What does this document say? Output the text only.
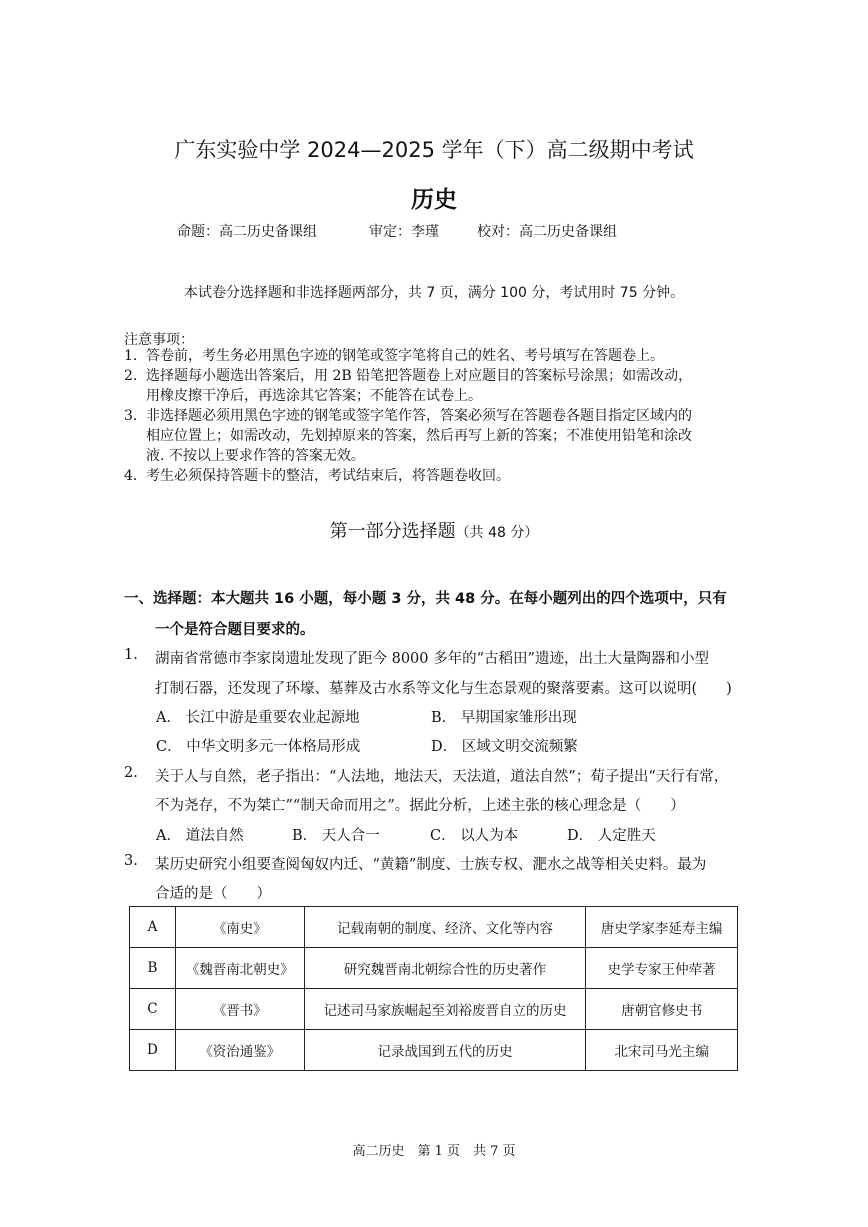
广东实验中学 2024—2025 学年（下）高二级期中考试
历史
命题：高二历史备课组	审定：李瑾	校对：高二历史备课组
本试卷分选择题和非选择题两部分，共 7 页，满分 100 分，考试用时 75 分钟。
注意事项：
1． 答卷前，考生务必用黑色字迹的钢笔或签字笔将自己的姓名、考号填写在答题卷上。
2． 选择题每小题选出答案后，用 2B 铅笔把答题卷上对应题目的答案标号涂黑；如需改动，
用橡皮擦干净后，再选涂其它答案；不能答在试卷上。
3． 非选择题必须用黑色字迹的钢笔或签字笔作答，答案必须写在答题卷各题目指定区域内的
相应位置上；如需改动，先划掉原来的答案，然后再写上新的答案；不准使用铅笔和涂改
液. 不按以上要求作答的答案无效。
4． 考生必须保持答题卡的整洁，考试结束后，将答题卷收回。
第一部分选择题（共 48 分）
一、选择题：本大题共 16 小题，每小题 3 分，共 48 分。在每小题列出的四个选项中，只有
一个是符合题目要求的。
1. 湖南省常德市李家岗遗址发现了距今 8000 多年的“古稻田”遗迹，出土大量陶器和小型
打制石器，还发现了环壕、墓葬及古水系等文化与生态景观的聚落要素。这可以说明(　　)
A． 长江中游是重要农业起源地	B． 早期国家雏形出现
C． 中华文明多元一体格局形成	D． 区域文明交流频繁
2. 关于人与自然，老子指出：“人法地，地法天，天法道，道法自然”；荀子提出“天行有常，
不为尧存，不为桀亡”“制天命而用之”。据此分析，上述主张的核心理念是（　　）
A． 道法自然	B． 天人合一	C． 以人为本	D． 人定胜天
3. 某历史研究小组要查阅匈奴内迁、“黄籍”制度、士族专权、淝水之战等相关史料。最为
合适的是（　　）
A	《南史》	记载南朝的制度、经济、文化等内容	唐史学家李延寿主编
B	《魏晋南北朝史》	研究魏晋南北朝综合性的历史著作	史学专家王仲荦著
C	《晋书》	记述司马家族崛起至刘裕废晋自立的历史	唐朝官修史书
D	《资治通鉴》	记录战国到五代的历史	北宋司马光主编
高二历史　第 1 页　共 7 页
